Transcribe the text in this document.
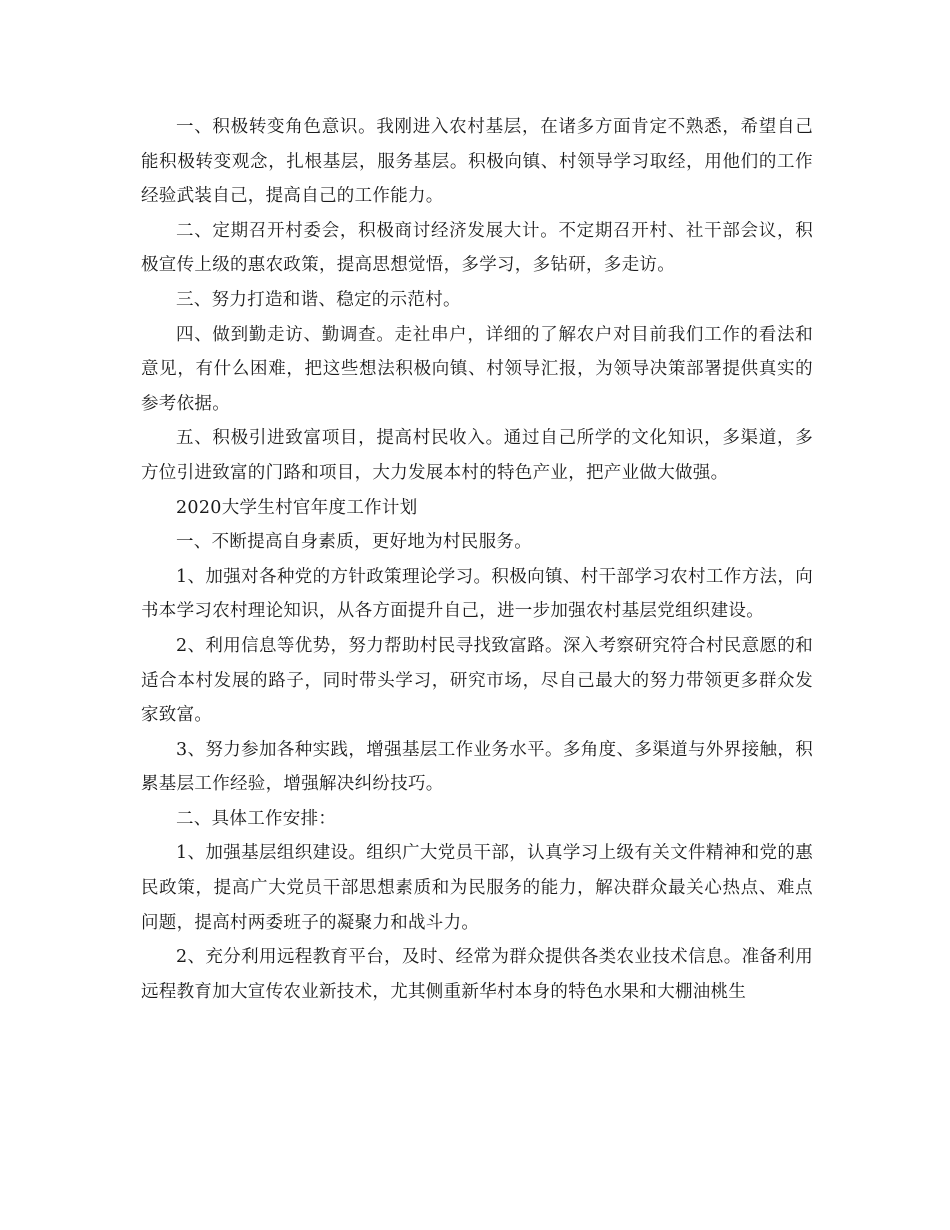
一、积极转变角色意识。我刚进入农村基层，在诸多方面肯定不熟悉，希望自己能积极转变观念，扎根基层，服务基层。积极向镇、村领导学习取经，用他们的工作经验武装自己，提高自己的工作能力。

二、定期召开村委会，积极商讨经济发展大计。不定期召开村、社干部会议，积极宣传上级的惠农政策，提高思想觉悟，多学习，多钻研，多走访。

三、努力打造和谐、稳定的示范村。

四、做到勤走访、勤调查。走社串户，详细的了解农户对目前我们工作的看法和意见，有什么困难，把这些想法积极向镇、村领导汇报，为领导决策部署提供真实的参考依据。

五、积极引进致富项目，提高村民收入。通过自己所学的文化知识，多渠道，多方位引进致富的门路和项目，大力发展本村的特色产业，把产业做大做强。

2020大学生村官年度工作计划

一、不断提高自身素质，更好地为村民服务。

1、加强对各种党的方针政策理论学习。积极向镇、村干部学习农村工作方法，向书本学习农村理论知识，从各方面提升自己，进一步加强农村基层党组织建设。

2、利用信息等优势，努力帮助村民寻找致富路。深入考察研究符合村民意愿的和适合本村发展的路子，同时带头学习，研究市场，尽自己最大的努力带领更多群众发家致富。

3、努力参加各种实践，增强基层工作业务水平。多角度、多渠道与外界接触，积累基层工作经验，增强解决纠纷技巧。

二、具体工作安排：

1、加强基层组织建设。组织广大党员干部，认真学习上级有关文件精神和党的惠民政策，提高广大党员干部思想素质和为民服务的能力，解决群众最关心热点、难点问题，提高村两委班子的凝聚力和战斗力。

2、充分利用远程教育平台，及时、经常为群众提供各类农业技术信息。准备利用远程教育加大宣传农业新技术，尤其侧重新华村本身的特色水果和大棚油桃生
